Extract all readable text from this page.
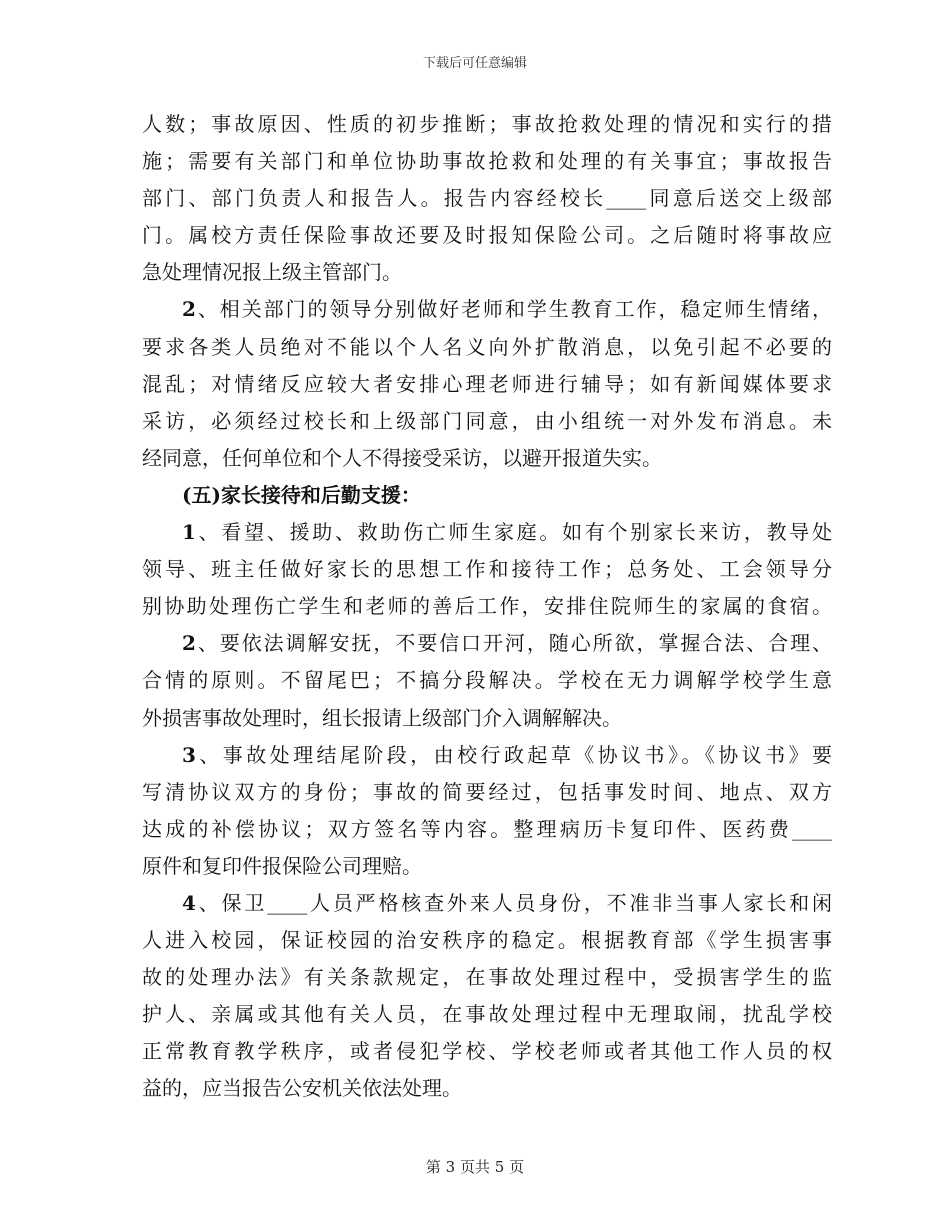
下载后可任意编辑
人数；事故原因、性质的初步推断；事故抢救处理的情况和实行的措
施；需要有关部门和单位协助事故抢救和处理的有关事宜；事故报告
部门、部门负责人和报告人。报告内容经校长____同意后送交上级部
门。属校方责任保险事故还要及时报知保险公司。之后随时将事故应
急处理情况报上级主管部门。
2、相关部门的领导分别做好老师和学生教育工作，稳定师生情绪，
要求各类人员绝对不能以个人名义向外扩散消息，以免引起不必要的
混乱；对情绪反应较大者安排心理老师进行辅导；如有新闻媒体要求
采访，必须经过校长和上级部门同意，由小组统一对外发布消息。未
经同意，任何单位和个人不得接受采访，以避开报道失实。
(五)家长接待和后勤支援：
1、看望、援助、救助伤亡师生家庭。如有个别家长来访，教导处
领导、班主任做好家长的思想工作和接待工作；总务处、工会领导分
别协助处理伤亡学生和老师的善后工作，安排住院师生的家属的食宿。
2、要依法调解安抚，不要信口开河，随心所欲，掌握合法、合理、
合情的原则。不留尾巴；不搞分段解决。学校在无力调解学校学生意
外损害事故处理时，组长报请上级部门介入调解解决。
3、事故处理结尾阶段，由校行政起草《协议书》。《协议书》要
写清协议双方的身份；事故的简要经过，包括事发时间、地点、双方
达成的补偿协议；双方签名等内容。整理病历卡复印件、医药费____
原件和复印件报保险公司理赔。
4、保卫____人员严格核查外来人员身份，不准非当事人家长和闲
人进入校园，保证校园的治安秩序的稳定。根据教育部《学生损害事
故的处理办法》有关条款规定，在事故处理过程中，受损害学生的监
护人、亲属或其他有关人员，在事故处理过程中无理取闹，扰乱学校
正常教育教学秩序，或者侵犯学校、学校老师或者其他工作人员的权
益的，应当报告公安机关依法处理。
第 3 页共 5 页
